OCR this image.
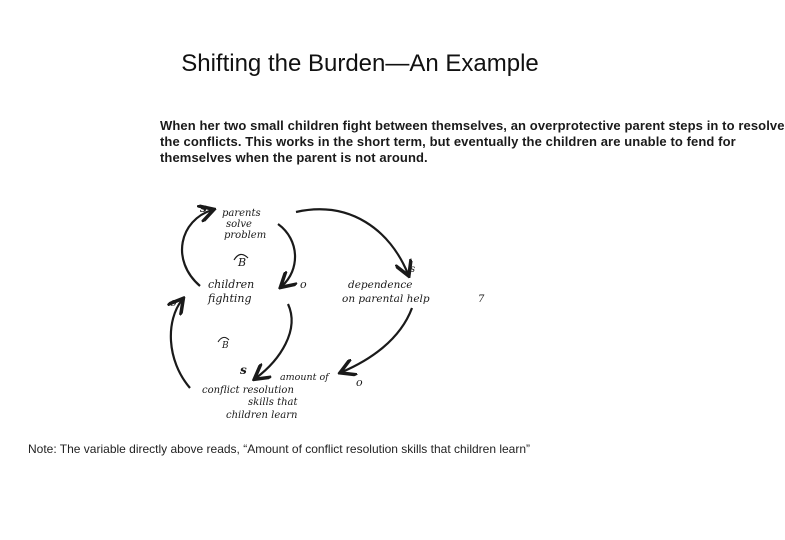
Shifting the Burden—An Example

When her two small children fight between themselves, an overprotective parent steps in to resolve
the conflicts. This works in the short term, but eventually the children are unable to fend for
themselves when the parent is not around.

parents
solve
problem
children
fighting
dependence
on parental help	7
amount of
conflict resolution
skills that
children learn
B
B
s
o
s
s
o
o

Note: The variable directly above reads, “Amount of conflict resolution skills that children learn”
